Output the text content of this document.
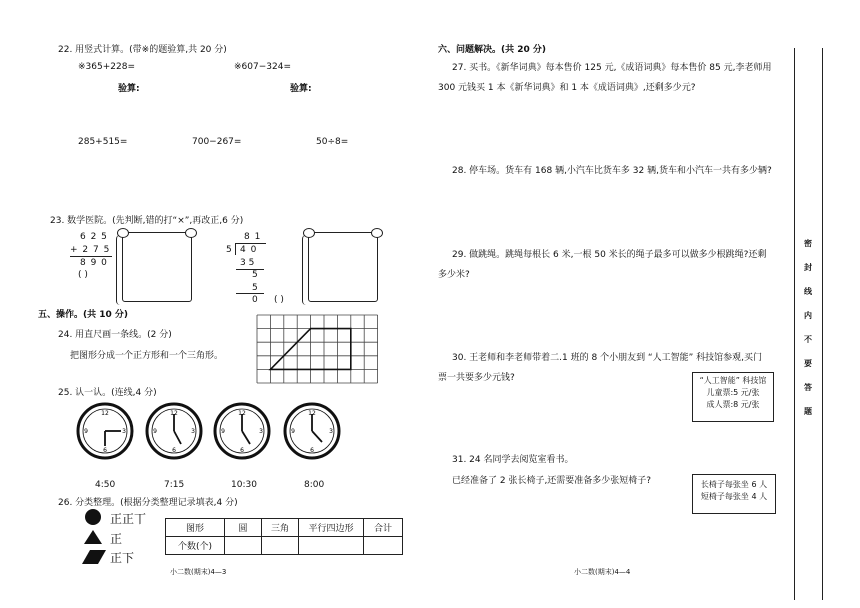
22. 用竖式计算。(带※的题验算,共 20 分)
※365+228=	※607−324=
验算:	验算:
285+515=	700−267=	50÷8=
23. 数学医院。(先判断,错的打“×”,再改正,6 分)
6 2 5
+ 2 7 5
8 9 0
( )
8 1
5 4 0
3 5
5
5
0 ( )
五、操作。(共 10 分)
24. 用直尺画一条线。(2 分)
把图形分成一个正方形和一个三角形。
25. 认一认。(连线,4 分)
12
3
6
9
12
3
6
9
12
3
6
9
12
3
6
9
4:50	7:15	10:30	8:00
26. 分类整理。(根据分类整理记录填表,4 分)
正正丅
正
正下
图形	圆	三角	平行四边形	合计
个数(个)				
小二数(期末)4—3
六、问题解决。(共 20 分)
27. 买书。《新华词典》每本售价 125 元,《成语词典》每本售价 85 元,李老师用
300 元钱买 1 本《新华词典》和 1 本《成语词典》,还剩多少元?
28. 停车场。货车有 168 辆,小汽车比货车多 32 辆,货车和小汽车一共有多少辆?
29. 做跳绳。跳绳每根长 6 米,一根 50 米长的绳子最多可以做多少根跳绳?还剩
多少米?
30. 王老师和李老师带着二.1 班的 8 个小朋友到 “人工智能” 科技馆参观,买门
票一共要多少元钱?	“人工智能” 科技馆
儿童票:5 元/张
成人票:8 元/张
31. 24 名同学去阅览室看书。
已经准备了 2 张长椅子,还需要准备多少张短椅子?	长椅子每张坐 6 人
短椅子每张坐 4 人
小二数(期末)4—4
密
封
线
内
不
要
答
题
